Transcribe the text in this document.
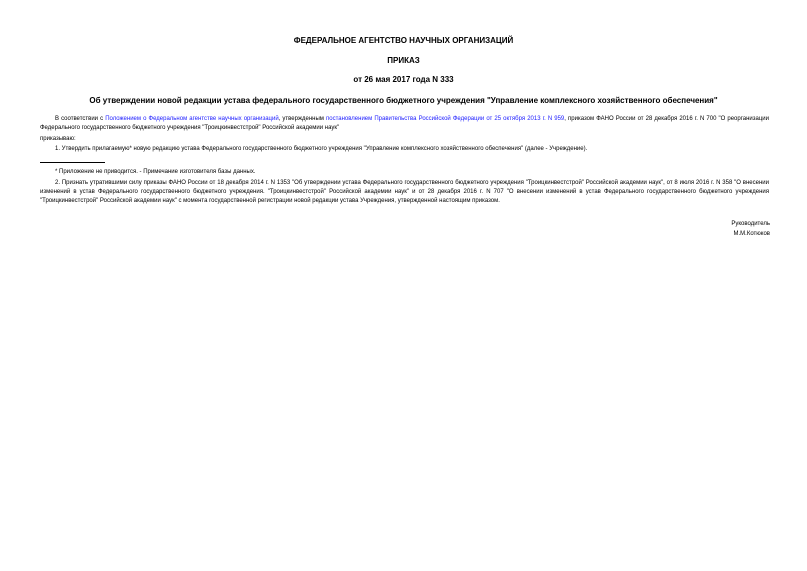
ФЕДЕРАЛЬНОЕ АГЕНТСТВО НАУЧНЫХ ОРГАНИЗАЦИЙ
ПРИКАЗ
от 26 мая 2017 года N 333
Об утверждении новой редакции устава федерального государственного бюджетного учреждения "Управление комплексного хозяйственного обеспечения"
В соответствии с Положением о Федеральном агентстве научных организаций, утвержденным постановлением Правительства Российской Федерации от 25 октября 2013 г. N 959, приказом ФАНО России от 28 декабря 2016 г. N 700 "О реорганизации Федерального государственного бюджетного учреждения "Троицкинвестстрой" Российской академии наук"
приказываю:
1. Утвердить прилагаемую* новую редакцию устава Федерального государственного бюджетного учреждения "Управление комплексного хозяйственного обеспечения" (далее - Учреждение).
* Приложение не приводится. - Примечание изготовителя базы данных.
2. Признать утратившими силу приказы ФАНО России от 18 декабря 2014 г. N 1353 "Об утверждении устава Федерального государственного бюджетного учреждения "Троицкинвестстрой" Российской академии наук", от 8 июля 2016 г. N 358 "О внесении изменений в устав Федерального государственного бюджетного учреждения. "Троицкинвестстрой" Российской академии наук" и от 28 декабря 2016 г. N 707 "О внесении изменений в устав Федерального государственного бюджетного учреждения "Троицкинвестстрой" Российской академии наук" с момента государственной регистрации новой редакции устава Учреждения, утвержденной настоящим приказом.
Руководитель
М.М.Котюков
